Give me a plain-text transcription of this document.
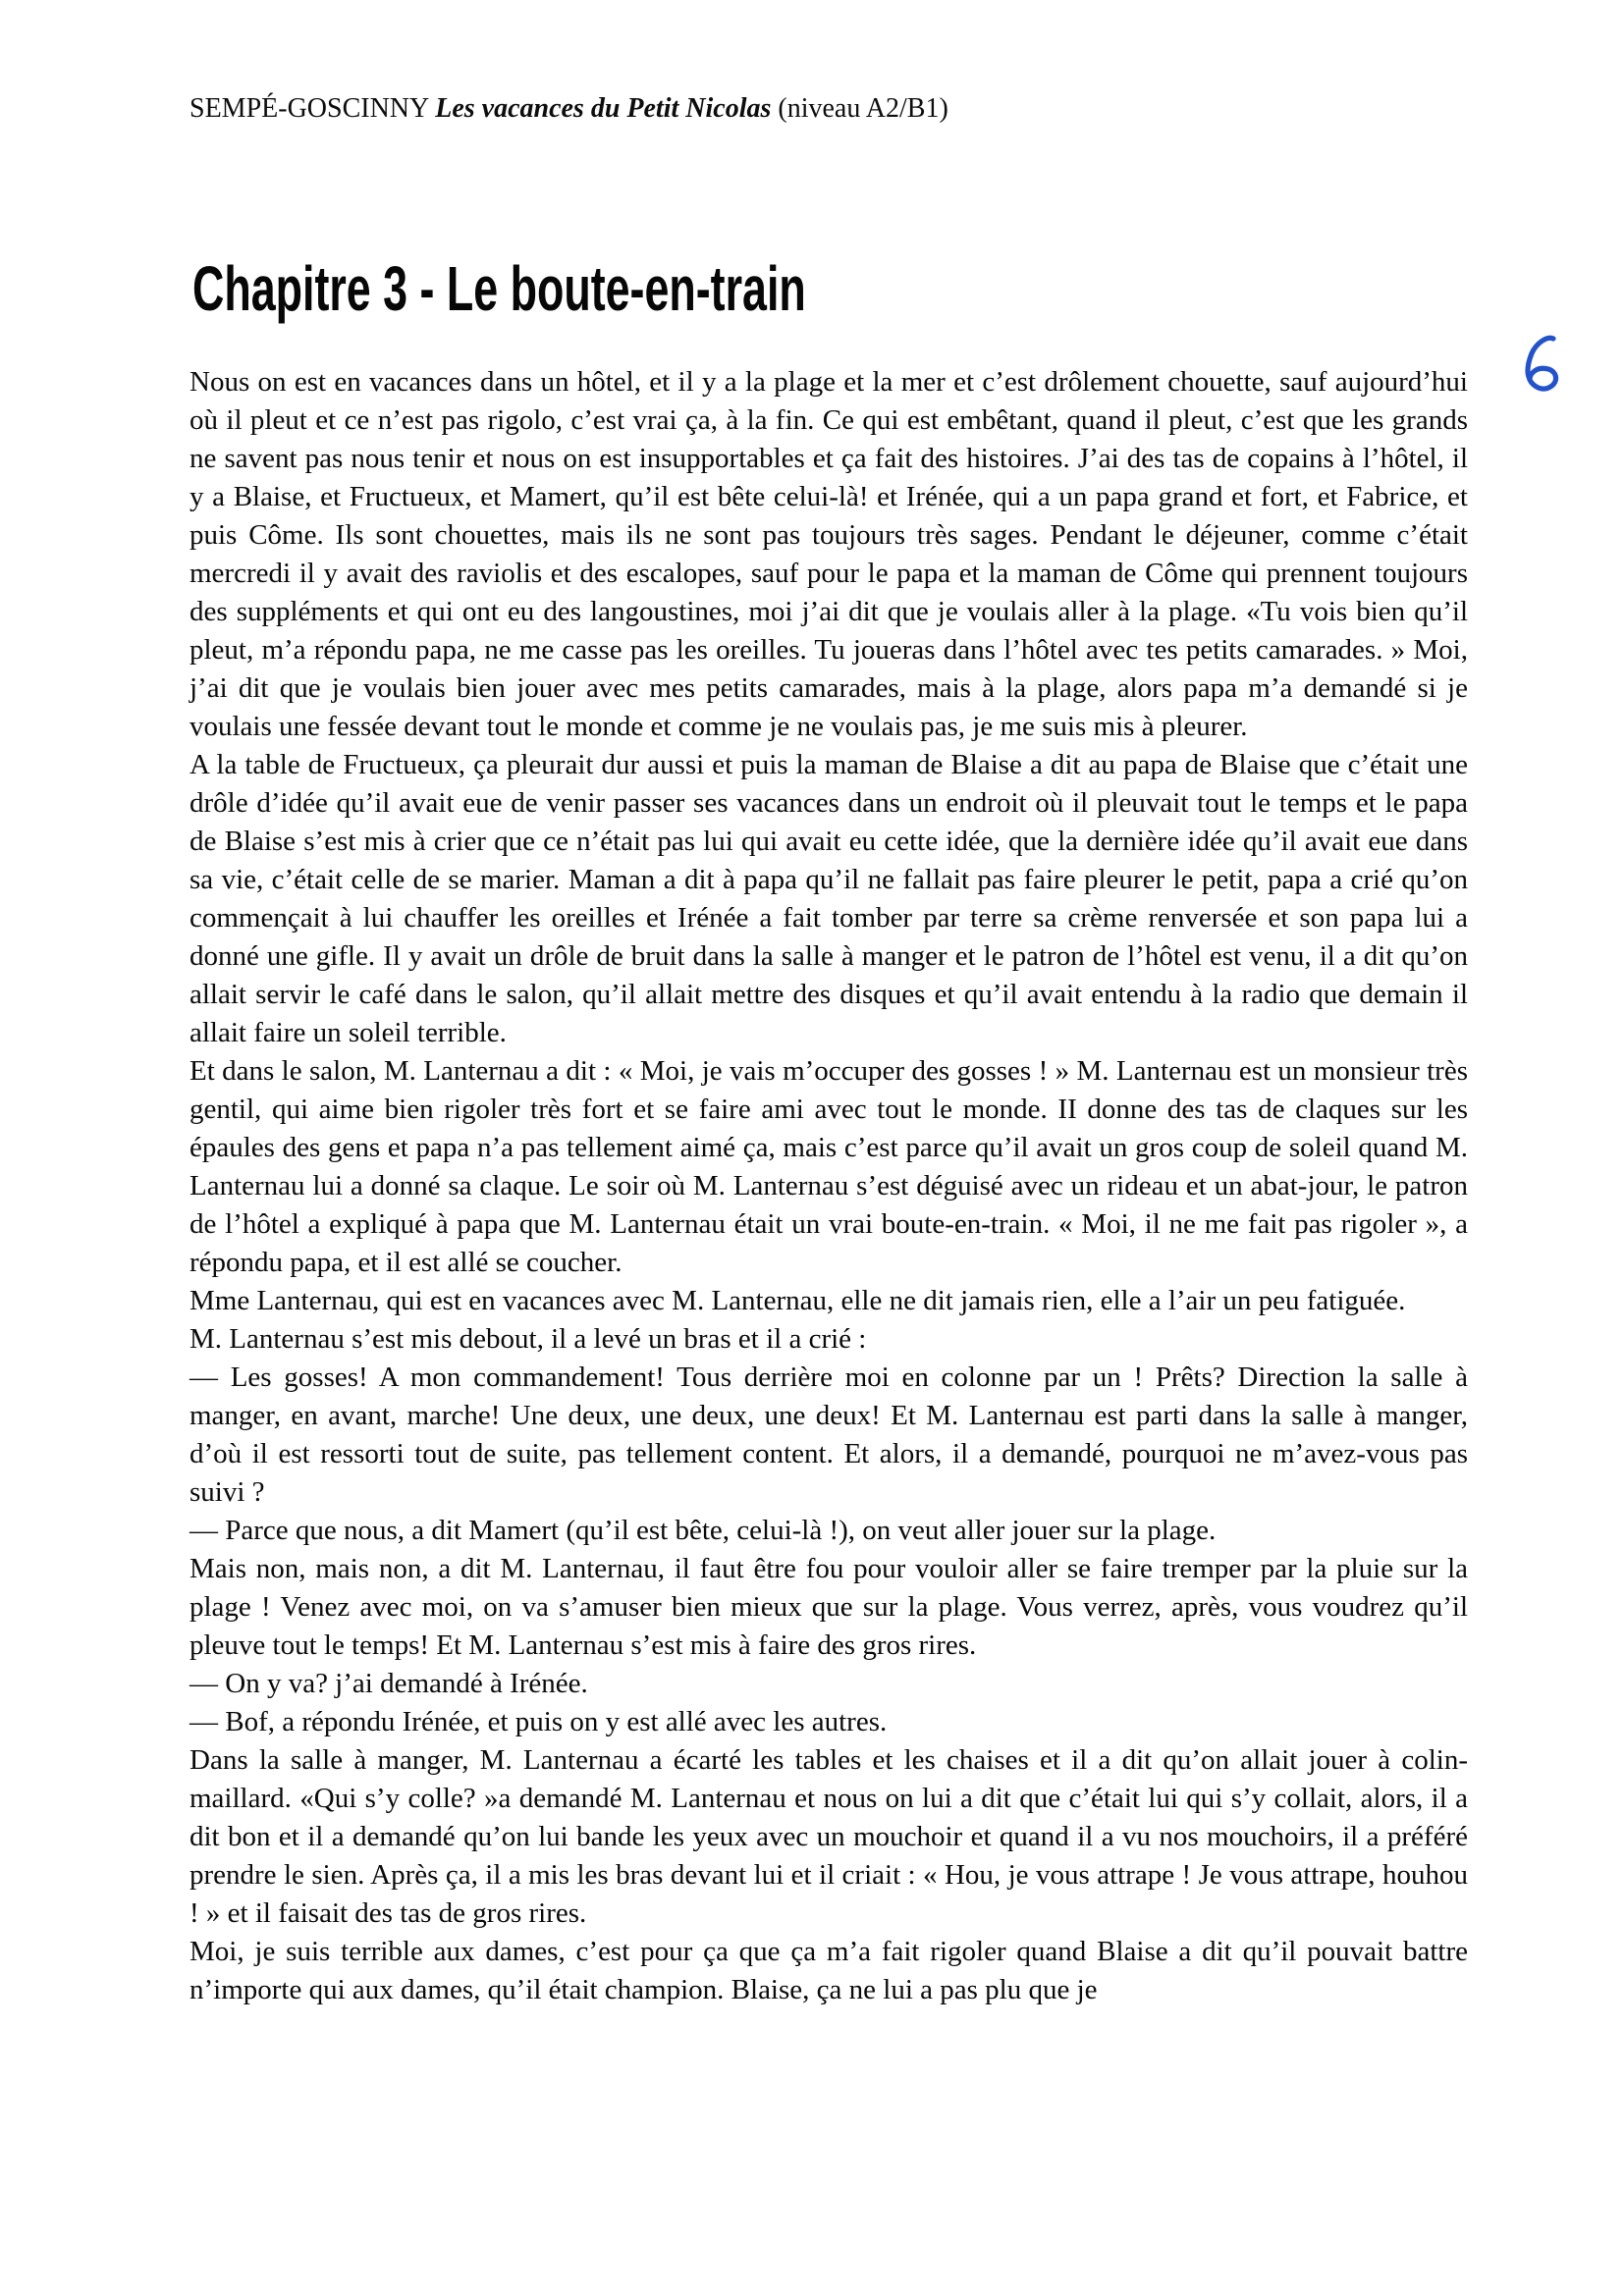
SEMPÉ-GOSCINNY Les vacances du Petit Nicolas (niveau A2/B1)
Chapitre 3 - Le boute-en-train

Nous on est en vacances dans un hôtel, et il y a la plage et la mer et c’est drôlement chouette, sauf aujourd’hui où il pleut et ce n’est pas rigolo, c’est vrai ça, à la fin. Ce qui est embêtant, quand il pleut, c’est que les grands ne savent pas nous tenir et nous on est insupportables et ça fait des histoires. J’ai des tas de copains à l’hôtel, il y a Blaise, et Fructueux, et Mamert, qu’il est bête celui-là! et Irénée, qui a un papa grand et fort, et Fabrice, et puis Côme. Ils sont chouettes, mais ils ne sont pas toujours très sages. Pendant le déjeuner, comme c’était mercredi il y avait des raviolis et des escalopes, sauf pour le papa et la maman de Côme qui prennent toujours des suppléments et qui ont eu des langoustines, moi j’ai dit que je voulais aller à la plage. «Tu vois bien qu’il pleut, m’a répondu papa, ne me casse pas les oreilles. Tu joueras dans l’hôtel avec tes petits camarades. » Moi, j’ai dit que je voulais bien jouer avec mes petits camarades, mais à la plage, alors papa m’a demandé si je voulais une fessée devant tout le monde et comme je ne voulais pas, je me suis mis à pleurer.

A la table de Fructueux, ça pleurait dur aussi et puis la maman de Blaise a dit au papa de Blaise que c’était une drôle d’idée qu’il avait eue de venir passer ses vacances dans un endroit où il pleuvait tout le temps et le papa de Blaise s’est mis à crier que ce n’était pas lui qui avait eu cette idée, que la dernière idée qu’il avait eue dans sa vie, c’était celle de se marier. Maman a dit à papa qu’il ne fallait pas faire pleurer le petit, papa a crié qu’on commençait à lui chauffer les oreilles et Irénée a fait tomber par terre sa crème renversée et son papa lui a donné une gifle. Il y avait un drôle de bruit dans la salle à manger et le patron de l’hôtel est venu, il a dit qu’on allait servir le café dans le salon, qu’il allait mettre des disques et qu’il avait entendu à la radio que demain il allait faire un soleil terrible.

Et dans le salon, M. Lanternau a dit : « Moi, je vais m’occuper des gosses ! » M. Lanternau est un monsieur très gentil, qui aime bien rigoler très fort et se faire ami avec tout le monde. II donne des tas de claques sur les épaules des gens et papa n’a pas tellement aimé ça, mais c’est parce qu’il avait un gros coup de soleil quand M. Lanternau lui a donné sa claque. Le soir où M. Lanternau s’est déguisé avec un rideau et un abat-jour, le patron de l’hôtel a expliqué à papa que M. Lanternau était un vrai boute-en-train. « Moi, il ne me fait pas rigoler », a répondu papa, et il est allé se coucher.

Mme Lanternau, qui est en vacances avec M. Lanternau, elle ne dit jamais rien, elle a l’air un peu fatiguée.

M. Lanternau s’est mis debout, il a levé un bras et il a crié :

— Les gosses! A mon commandement! Tous derrière moi en colonne par un ! Prêts? Direction la salle à manger, en avant, marche! Une deux, une deux, une deux! Et M. Lanternau est parti dans la salle à manger, d’où il est ressorti tout de suite, pas tellement content. Et alors, il a demandé, pourquoi ne m’avez-vous pas suivi ?

— Parce que nous, a dit Mamert (qu’il est bête, celui-là !), on veut aller jouer sur la plage.

Mais non, mais non, a dit M. Lanternau, il faut être fou pour vouloir aller se faire tremper par la pluie sur la plage ! Venez avec moi, on va s’amuser bien mieux que sur la plage. Vous verrez, après, vous voudrez qu’il pleuve tout le temps! Et M. Lanternau s’est mis à faire des gros rires.

— On y va? j’ai demandé à Irénée.

— Bof, a répondu Irénée, et puis on y est allé avec les autres.

Dans la salle à manger, M. Lanternau a écarté les tables et les chaises et il a dit qu’on allait jouer à colin-maillard. «Qui s’y colle? »a demandé M. Lanternau et nous on lui a dit que c’était lui qui s’y collait, alors, il a dit bon et il a demandé qu’on lui bande les yeux avec un mouchoir et quand il a vu nos mouchoirs, il a préféré prendre le sien. Après ça, il a mis les bras devant lui et il criait : « Hou, je vous attrape ! Je vous attrape, houhou ! » et il faisait des tas de gros rires.

Moi, je suis terrible aux dames, c’est pour ça que ça m’a fait rigoler quand Blaise a dit qu’il pouvait battre n’importe qui aux dames, qu’il était champion. Blaise, ça ne lui a pas plu que je
